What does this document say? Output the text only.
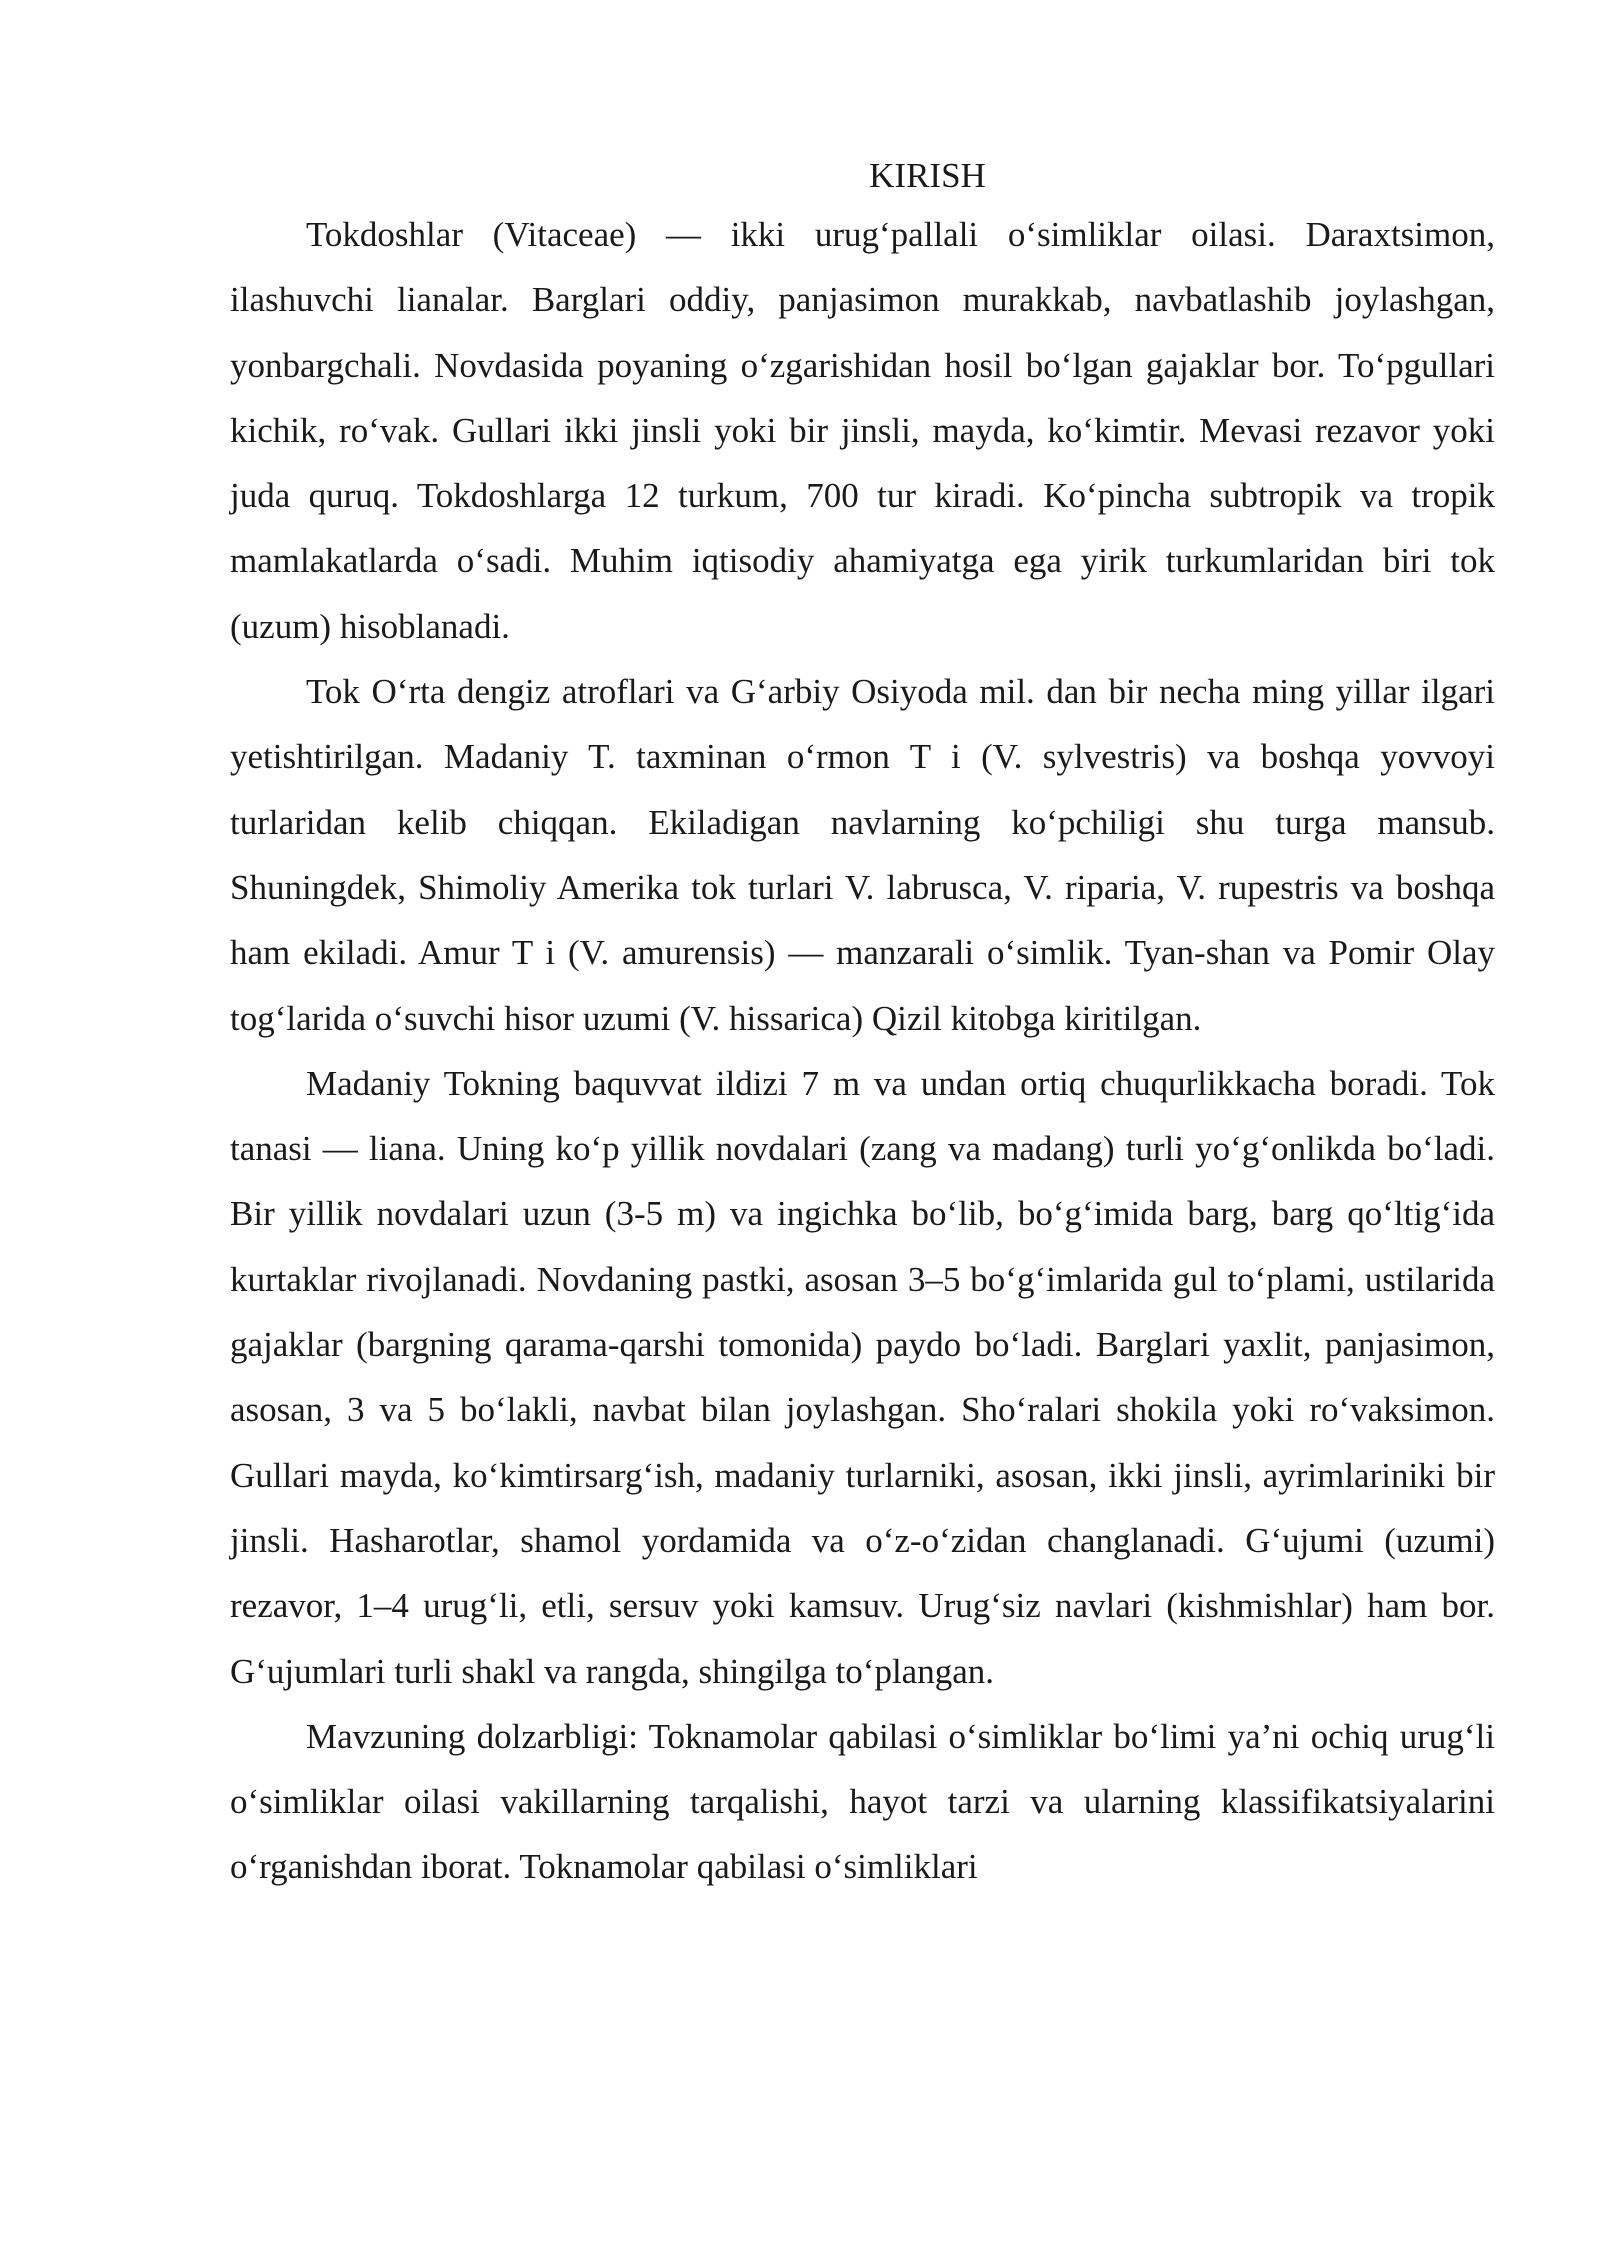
KIRISH

Tokdoshlar (Vitaceae) — ikki urug‘pallali o‘simliklar oilasi. Daraxtsimon, ilashuvchi lianalar. Barglari oddiy, panjasimon murakkab, navbatlashib joylashgan, yonbargchali. Novdasida poyaning o‘zgarishidan hosil bo‘lgan gajaklar bor. To‘pgullari kichik, ro‘vak. Gullari ikki jinsli yoki bir jinsli, mayda, ko‘kimtir. Mevasi rezavor yoki juda quruq. Tokdoshlarga 12 turkum, 700 tur kiradi. Ko‘pincha subtropik va tropik mamlakatlarda o‘sadi. Muhim iqtisodiy ahamiyatga ega yirik turkumlaridan biri tok (uzum) hisoblanadi.

Tok O‘rta dengiz atroflari va G‘arbiy Osiyoda mil. dan bir necha ming yillar ilgari yetishtirilgan. Madaniy T. taxminan o‘rmon T i (V. sylvestris) va boshqa yovvoyi turlaridan kelib chiqqan. Ekiladigan navlarning ko‘pchiligi shu turga mansub. Shuningdek, Shimoliy Amerika tok turlari V. labrusca, V. riparia, V. rupestris va boshqa ham ekiladi. Amur T i (V. amurensis) — manzarali o‘simlik. Tyan-shan va Pomir Olay tog‘larida o‘suvchi hisor uzumi (V. hissarica) Qizil kitobga kiritilgan.

Madaniy Tokning baquvvat ildizi 7 m va undan ortiq chuqurlikkacha boradi. Tok tanasi — liana. Uning ko‘p yillik novdalari (zang va madang) turli yo‘g‘onlikda bo‘ladi. Bir yillik novdalari uzun (3-5 m) va ingichka bo‘lib, bo‘g‘imida barg, barg qo‘ltig‘ida kurtaklar rivojlanadi. Novdaning pastki, asosan 3–5 bo‘g‘imlarida gul to‘plami, ustilarida gajaklar (bargning qarama-qarshi tomonida) paydo bo‘ladi. Barglari yaxlit, panjasimon, asosan, 3 va 5 bo‘lakli, navbat bilan joylashgan. Sho‘ralari shokila yoki ro‘vaksimon. Gullari mayda, ko‘kimtirsarg‘ish, madaniy turlarniki, asosan, ikki jinsli, ayrimlariniki bir jinsli. Hasharotlar, shamol yordamida va o‘z-o‘zidan changlanadi. G‘ujumi (uzumi) rezavor, 1–4 urug‘li, etli, sersuv yoki kamsuv. Urug‘siz navlari (kishmishlar) ham bor. G‘ujumlari turli shakl va rangda, shingilga to‘plangan.

Mavzuning dolzarbligi: Toknamolar qabilasi o‘simliklar bo‘limi ya’ni ochiq urug‘li o‘simliklar oilasi vakillarning tarqalishi, hayot tarzi va ularning klassifikatsiyalarini o‘rganishdan iborat. Toknamolar qabilasi o‘simliklari
